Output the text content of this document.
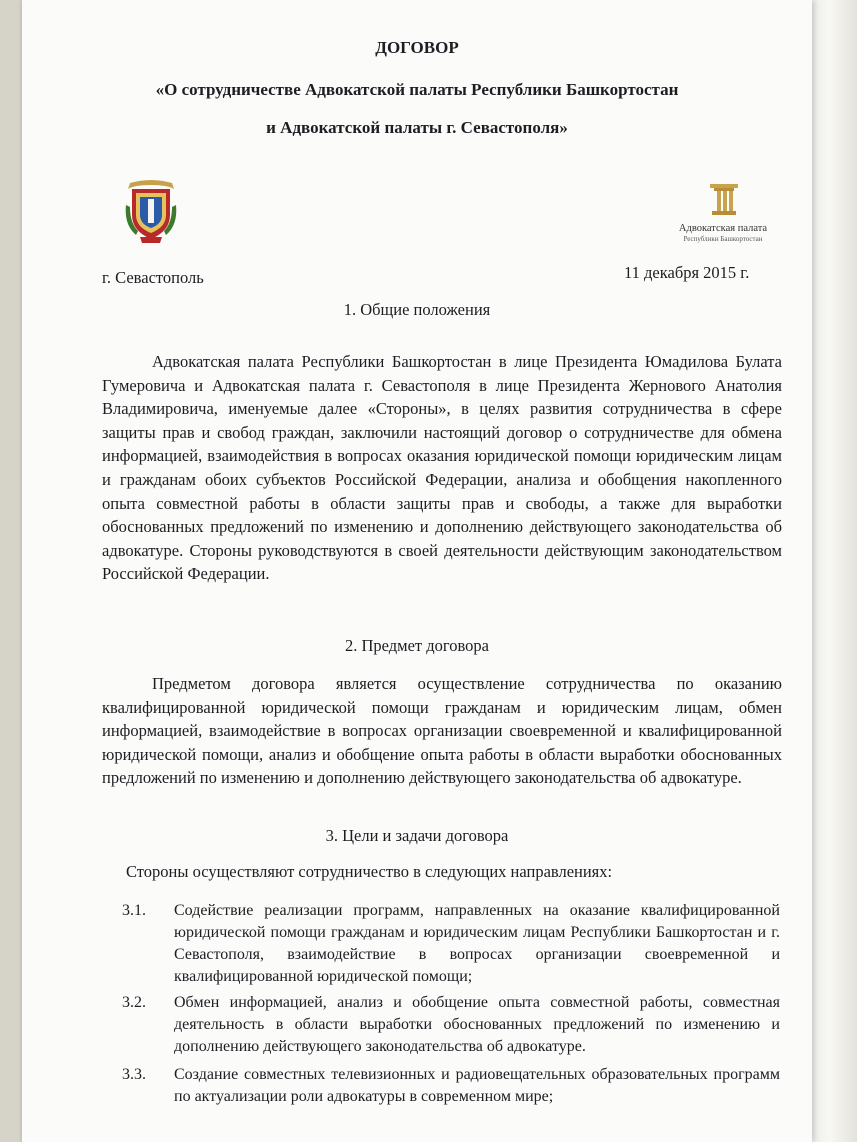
ДОГОВОР
«О сотрудничестве Адвокатской палаты Республики Башкортостан
и Адвокатской палаты г. Севастополя»
Адвокатская палата
Республики Башкортостан
г. Севастополь	11 декабря 2015 г.
1. Общие положения

Адвокатская палата Республики Башкортостан в лице Президента Юмадилова Булата Гумеровича и Адвокатская палата г. Севастополя в лице Президента Жернового Анатолия Владимировича, именуемые далее «Стороны», в целях развития сотрудничества в сфере защиты прав и свобод граждан, заключили настоящий договор о сотрудничестве для обмена информацией, взаимодействия в вопросах оказания юридической помощи юридическим лицам и гражданам обоих субъектов Российской Федерации, анализа и обобщения накопленного опыта совместной работы в области защиты прав и свободы, а также для выработки обоснованных предложений по изменению и дополнению действующего законодательства об адвокатуре. Стороны руководствуются в своей деятельности действующим законодательством Российской Федерации.

2. Предмет договора

Предметом договора является осуществление сотрудничества по оказанию квалифицированной юридической помощи гражданам и юридическим лицам, обмен информацией, взаимодействие в вопросах организации своевременной и квалифицированной юридической помощи, анализ и обобщение опыта работы в области выработки обоснованных предложений по изменению и дополнению действующего законодательства об адвокатуре.

3. Цели и задачи договора
Стороны осуществляют сотрудничество в следующих направлениях:
3.1. Содействие реализации программ, направленных на оказание квалифицированной юридической помощи гражданам и юридическим лицам Республики Башкортостан и г. Севастополя, взаимодействие в вопросах организации своевременной и квалифицированной юридической помощи;
3.2. Обмен информацией, анализ и обобщение опыта совместной работы, совместная деятельность в области выработки обоснованных предложений по изменению и дополнению действующего законодательства об адвокатуре.
3.3. Создание совместных телевизионных и радиовещательных образовательных программ по актуализации роли адвокатуры в современном мире;
